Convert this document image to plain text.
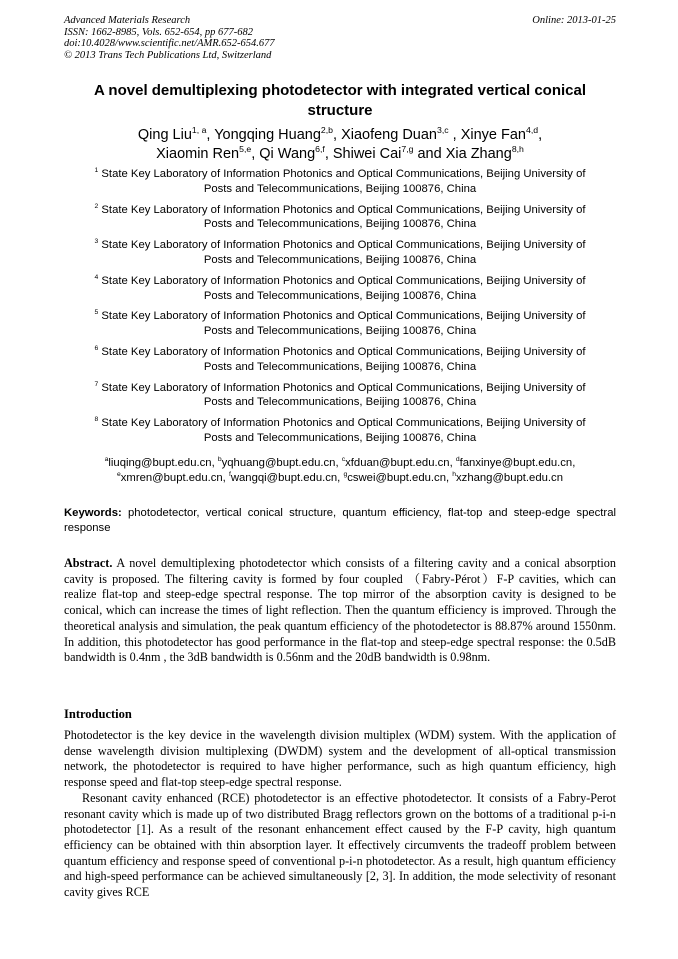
Advanced Materials Research
ISSN: 1662-8985, Vols. 652-654, pp 677-682
doi:10.4028/www.scientific.net/AMR.652-654.677
© 2013 Trans Tech Publications Ltd, Switzerland
Online: 2013-01-25
A novel demultiplexing photodetector with integrated vertical conical structure
Qing Liu$^{1, a}$, Yongqing Huang$^{2,b}$, Xiaofeng Duan$^{3,c}$ , Xinye Fan$^{4,d}$,
Xiaomin Ren$^{5,e}$, Qi Wang$^{6,f}$, Shiwei Cai$^{7,g}$ and Xia Zhang$^{8,h}$
$^1$ State Key Laboratory of Information Photonics and Optical Communications, Beijing University of
Posts and Telecommunications, Beijing 100876, China
$^2$ State Key Laboratory of Information Photonics and Optical Communications, Beijing University of
Posts and Telecommunications, Beijing 100876, China
$^3$ State Key Laboratory of Information Photonics and Optical Communications, Beijing University of
Posts and Telecommunications, Beijing 100876, China
$^4$ State Key Laboratory of Information Photonics and Optical Communications, Beijing University of
Posts and Telecommunications, Beijing 100876, China
$^5$ State Key Laboratory of Information Photonics and Optical Communications, Beijing University of
Posts and Telecommunications, Beijing 100876, China
$^6$ State Key Laboratory of Information Photonics and Optical Communications, Beijing University of
Posts and Telecommunications, Beijing 100876, China
$^7$ State Key Laboratory of Information Photonics and Optical Communications, Beijing University of
Posts and Telecommunications, Beijing 100876, China
$^8$ State Key Laboratory of Information Photonics and Optical Communications, Beijing University of
Posts and Telecommunications, Beijing 100876, China
$^a$liuqing@bupt.edu.cn, $^b$yqhuang@bupt.edu.cn, $^c$xfduan@bupt.edu.cn, $^d$fanxinye@bupt.edu.cn,
$^e$xmren@bupt.edu.cn, $^f$wangqi@bupt.edu.cn, $^g$cswei@bupt.edu.cn, $^h$xzhang@bupt.edu.cn
Keywords: photodetector, vertical conical structure, quantum efficiency, flat-top and steep-edge spectral response
Abstract. A novel demultiplexing photodetector which consists of a filtering cavity and a conical absorption cavity is proposed. The filtering cavity is formed by four coupled （Fabry-Pérot）F-P cavities, which can realize flat-top and steep-edge spectral response. The top mirror of the absorption cavity is designed to be conical, which can increase the times of light reflection. Then the quantum efficiency is improved. Through the theoretical analysis and simulation, the peak quantum efficiency of the photodetector is 88.87% around 1550nm. In addition, this photodetector has good performance in the flat-top and steep-edge spectral response: the 0.5dB bandwidth is 0.4nm , the 3dB bandwidth is 0.56nm and the 20dB bandwidth is 0.98nm.
Introduction

Photodetector is the key device in the wavelength division multiplex (WDM) system. With the application of dense wavelength division multiplexing (DWDM) system and the development of all-optical transmission network, the photodetector is required to have higher performance, such as high quantum efficiency, high response speed and flat-top steep-edge spectral response.

Resonant cavity enhanced (RCE) photodetector is an effective photodetector. It consists of a Fabry-Perot resonant cavity which is made up of two distributed Bragg reflectors grown on the bottoms of a traditional p-i-n photodetector [1]. As a result of the resonant enhancement effect caused by the F-P cavity, high quantum efficiency can be obtained with thin absorption layer. It effectively circumvents the tradeoff problem between quantum efficiency and response speed of conventional p-i-n photodetector. As a result, high quantum efficiency and high-speed performance can be achieved simultaneously [2, 3]. In addition, the mode selectivity of resonant cavity gives RCE
